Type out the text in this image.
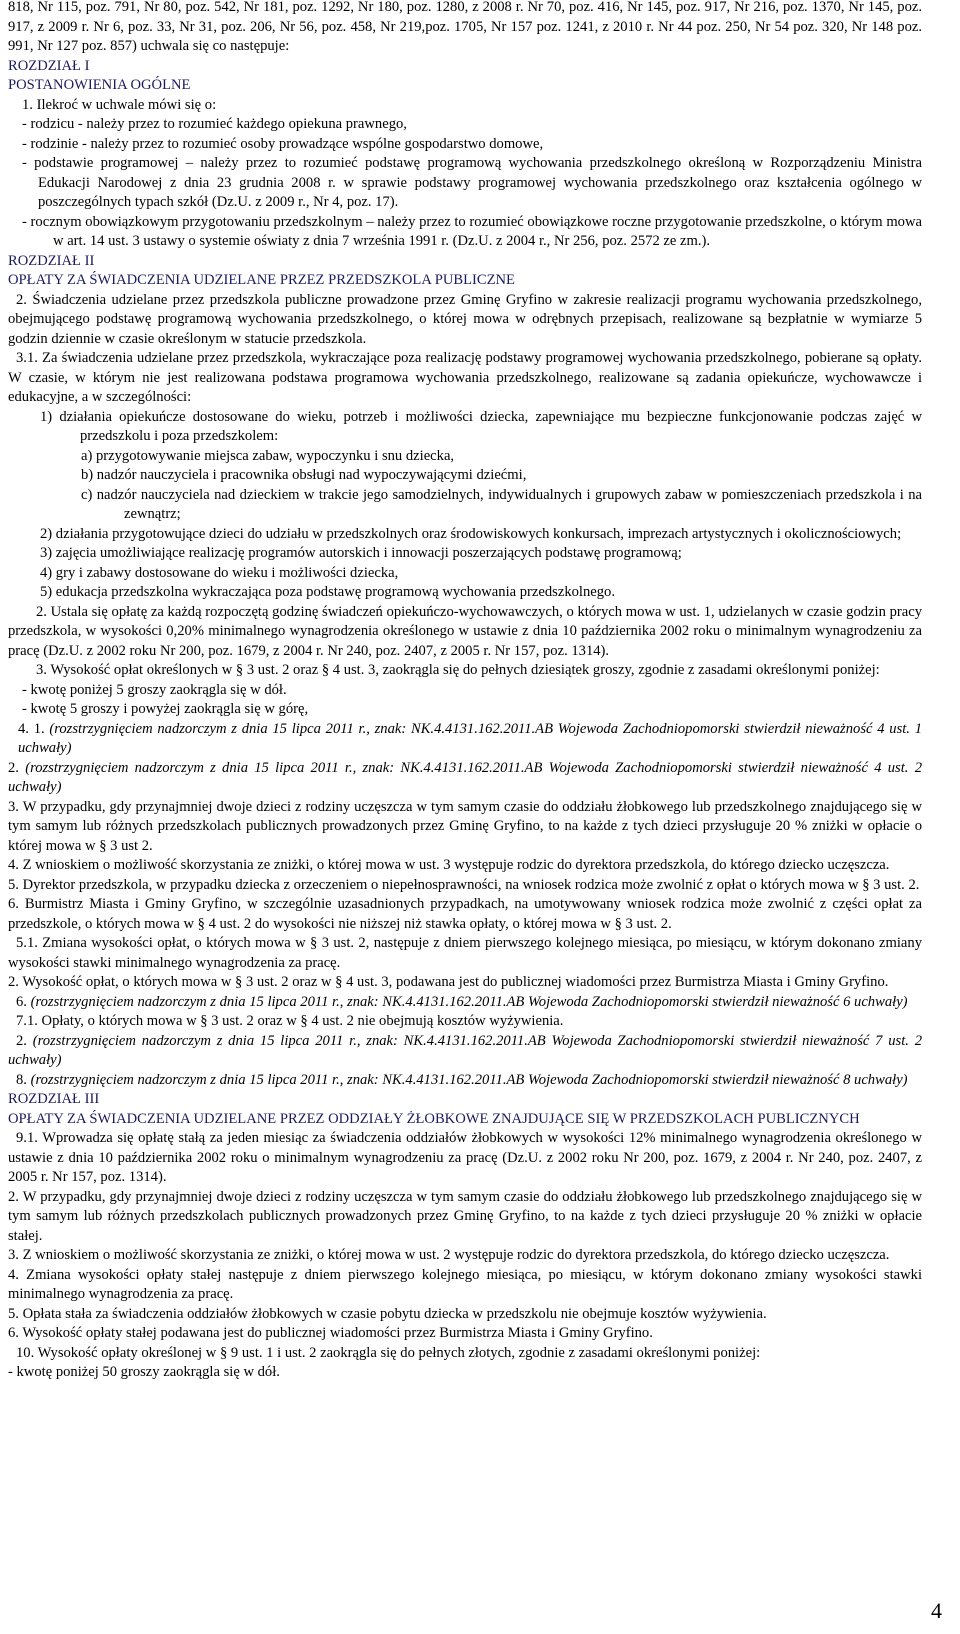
818, Nr 115, poz. 791, Nr 80, poz. 542, Nr 181, poz. 1292, Nr 180, poz. 1280, z 2008 r. Nr 70, poz. 416, Nr 145, poz. 917, Nr 216, poz. 1370, Nr 145, poz. 917, z 2009 r. Nr 6, poz. 33, Nr 31, poz. 206, Nr 56, poz. 458, Nr 219,poz. 1705, Nr 157 poz. 1241, z 2010 r. Nr 44 poz. 250, Nr 54 poz. 320, Nr 148 poz. 991, Nr 127 poz. 857) uchwala się co następuje:

ROZDZIAŁ I

POSTANOWIENIA OGÓLNE

1. Ilekroć w uchwale mówi się o:

- rodzicu - należy przez to rozumieć każdego opiekuna prawnego,

- rodzinie - należy przez to rozumieć osoby prowadzące wspólne gospodarstwo domowe,

- podstawie programowej – należy przez to rozumieć podstawę programową wychowania przedszkolnego określoną w Rozporządzeniu Ministra Edukacji Narodowej z dnia 23 grudnia 2008 r. w sprawie podstawy programowej wychowania przedszkolnego oraz kształcenia ogólnego w poszczególnych typach szkół (Dz.U. z 2009 r., Nr 4, poz. 17).

- rocznym obowiązkowym przygotowaniu przedszkolnym – należy przez to rozumieć obowiązkowe roczne przygotowanie przedszkolne, o którym mowa w art. 14 ust. 3 ustawy o systemie oświaty z dnia 7 września 1991 r. (Dz.U. z 2004 r., Nr 256, poz. 2572 ze zm.).

ROZDZIAŁ II

OPŁATY ZA ŚWIADCZENIA UDZIELANE PRZEZ PRZEDSZKOLA PUBLICZNE

2. Świadczenia udzielane przez przedszkola publiczne prowadzone przez Gminę Gryfino w zakresie realizacji programu wychowania przedszkolnego, obejmującego podstawę programową wychowania przedszkolnego, o której mowa w odrębnych przepisach, realizowane są bezpłatnie w wymiarze 5 godzin dziennie w czasie określonym w statucie przedszkola.

3.1. Za świadczenia udzielane przez przedszkola, wykraczające poza realizację podstawy programowej wychowania przedszkolnego, pobierane są opłaty. W czasie, w którym nie jest realizowana podstawa programowa wychowania przedszkolnego, realizowane są zadania opiekuńcze, wychowawcze i edukacyjne, a w szczególności:

1) działania opiekuńcze dostosowane do wieku, potrzeb i możliwości dziecka, zapewniające mu bezpieczne funkcjonowanie podczas zajęć w przedszkolu i poza przedszkolem:

a) przygotowywanie miejsca zabaw, wypoczynku i snu dziecka,

b) nadzór nauczyciela i pracownika obsługi nad wypoczywającymi dziećmi,

c) nadzór nauczyciela nad dzieckiem w trakcie jego samodzielnych, indywidualnych i grupowych zabaw w pomieszczeniach przedszkola i na zewnątrz;

2) działania przygotowujące dzieci do udziału w przedszkolnych oraz środowiskowych konkursach, imprezach artystycznych i okolicznościowych;

3) zajęcia umożliwiające realizację programów autorskich i innowacji poszerzających podstawę programową;

4) gry i zabawy dostosowane do wieku i możliwości dziecka,

5) edukacja przedszkolna wykraczająca poza podstawę programową wychowania przedszkolnego.

2. Ustala się opłatę za każdą rozpoczętą godzinę świadczeń opiekuńczo-wychowawczych, o których mowa w ust. 1, udzielanych w czasie godzin pracy przedszkola, w wysokości 0,20% minimalnego wynagrodzenia określonego w ustawie z dnia 10 października 2002 roku o minimalnym wynagrodzeniu za pracę (Dz.U. z 2002 roku Nr 200, poz. 1679, z 2004 r. Nr 240, poz. 2407, z 2005 r. Nr 157, poz. 1314).

3. Wysokość opłat określonych w § 3 ust. 2 oraz § 4 ust. 3, zaokrągla się do pełnych dziesiątek groszy, zgodnie z zasadami określonymi poniżej:

- kwotę poniżej 5 groszy zaokrągla się w dół.

- kwotę 5 groszy i powyżej zaokrągla się w górę,

4. 1. (rozstrzygnięciem nadzorczym z dnia 15 lipca 2011 r., znak: NK.4.4131.162.2011.AB Wojewoda Zachodniopomorski stwierdził nieważność 4 ust. 1 uchwały)

2. (rozstrzygnięciem nadzorczym z dnia 15 lipca 2011 r., znak: NK.4.4131.162.2011.AB Wojewoda Zachodniopomorski stwierdził nieważność 4 ust. 2 uchwały)

3. W przypadku, gdy przynajmniej dwoje dzieci z rodziny uczęszcza w tym samym czasie do oddziału żłobkowego lub przedszkolnego znajdującego się w tym samym lub różnych przedszkolach publicznych prowadzonych przez Gminę Gryfino, to na każde z tych dzieci przysługuje 20 % zniżki w opłacie o której mowa w § 3 ust 2.

4. Z wnioskiem o możliwość skorzystania ze zniżki, o której mowa w ust. 3 występuje rodzic do dyrektora przedszkola, do którego dziecko uczęszcza.

5. Dyrektor przedszkola, w przypadku dziecka z orzeczeniem o niepełnosprawności, na wniosek rodzica może zwolnić z opłat o których mowa w § 3 ust. 2.

6. Burmistrz Miasta i Gminy Gryfino, w szczególnie uzasadnionych przypadkach, na umotywowany wniosek rodzica może zwolnić z części opłat za przedszkole, o których mowa w § 4 ust. 2 do wysokości nie niższej niż stawka opłaty, o której mowa w § 3 ust. 2.

5.1. Zmiana wysokości opłat, o których mowa w § 3 ust. 2, następuje z dniem pierwszego kolejnego miesiąca, po miesiącu, w którym dokonano zmiany wysokości stawki minimalnego wynagrodzenia za pracę.

2. Wysokość opłat, o których mowa w § 3 ust. 2 oraz w § 4 ust. 3, podawana jest do publicznej wiadomości przez Burmistrza Miasta i Gminy Gryfino.

6. (rozstrzygnięciem nadzorczym z dnia 15 lipca 2011 r., znak: NK.4.4131.162.2011.AB Wojewoda Zachodniopomorski stwierdził nieważność 6 uchwały)

7.1. Opłaty, o których mowa w § 3 ust. 2 oraz w § 4 ust. 2 nie obejmują kosztów wyżywienia.

2. (rozstrzygnięciem nadzorczym z dnia 15 lipca 2011 r., znak: NK.4.4131.162.2011.AB Wojewoda Zachodniopomorski stwierdził nieważność 7 ust. 2 uchwały)

8. (rozstrzygnięciem nadzorczym z dnia 15 lipca 2011 r., znak: NK.4.4131.162.2011.AB Wojewoda Zachodniopomorski stwierdził nieważność 8 uchwały)

ROZDZIAŁ III

OPŁATY ZA ŚWIADCZENIA UDZIELANE PRZEZ ODDZIAŁY ŻŁOBKOWE ZNAJDUJĄCE SIĘ W PRZEDSZKOLACH PUBLICZNYCH

9.1. Wprowadza się opłatę stałą za jeden miesiąc za świadczenia oddziałów żłobkowych w wysokości 12% minimalnego wynagrodzenia określonego w ustawie z dnia 10 października 2002 roku o minimalnym wynagrodzeniu za pracę (Dz.U. z 2002 roku Nr 200, poz. 1679, z 2004 r. Nr 240, poz. 2407, z 2005 r. Nr 157, poz. 1314).

2. W przypadku, gdy przynajmniej dwoje dzieci z rodziny uczęszcza w tym samym czasie do oddziału żłobkowego lub przedszkolnego znajdującego się w tym samym lub różnych przedszkolach publicznych prowadzonych przez Gminę Gryfino, to na każde z tych dzieci przysługuje 20 % zniżki w opłacie stałej.

3. Z wnioskiem o możliwość skorzystania ze zniżki, o której mowa w ust. 2 występuje rodzic do dyrektora przedszkola, do którego dziecko uczęszcza.

4. Zmiana wysokości opłaty stałej następuje z dniem pierwszego kolejnego miesiąca, po miesiącu, w którym dokonano zmiany wysokości stawki minimalnego wynagrodzenia za pracę.

5. Opłata stała za świadczenia oddziałów żłobkowych w czasie pobytu dziecka w przedszkolu nie obejmuje kosztów wyżywienia.

6. Wysokość opłaty stałej podawana jest do publicznej wiadomości przez Burmistrza Miasta i Gminy Gryfino.

10. Wysokość opłaty określonej w § 9 ust. 1 i ust. 2 zaokrągla się do pełnych złotych, zgodnie z zasadami określonymi poniżej:

- kwotę poniżej 50 groszy zaokrągla się w dół.

4
